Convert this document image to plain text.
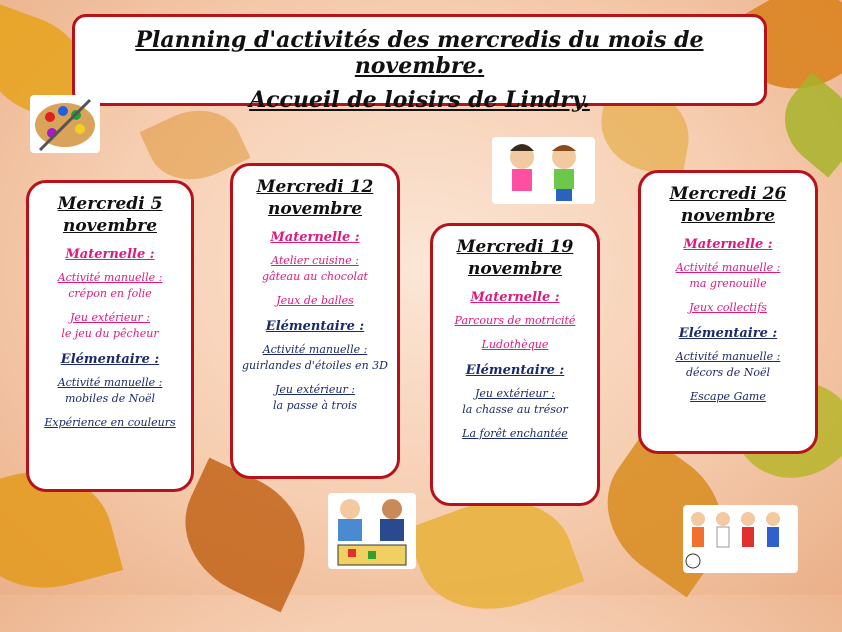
Planning d'activités des mercredis du mois de novembre.
Accueil de loisirs de Lindry.
Mercredi 5 novembre
Maternelle :
Activité manuelle :
crépon en folie
Jeu extérieur :
le jeu du pêcheur
Elémentaire :
Activité manuelle :
mobiles de Noël
Expérience en couleurs
Mercredi 12 novembre
Maternelle :
Atelier cuisine :
gâteau au chocolat
Jeux de balles
Elémentaire :
Activité manuelle :
guirlandes d'étoiles en 3D
Jeu extérieur :
la passe à trois
Mercredi 19 novembre
Maternelle :
Parcours de motricité
Ludothèque
Elémentaire :
Jeu extérieur :
la chasse au trésor
La forêt enchantée
Mercredi 26 novembre
Maternelle :
Activité manuelle :
ma grenouille
Jeux collectifs
Elémentaire :
Activité manuelle :
décors de Noël
Escape Game
